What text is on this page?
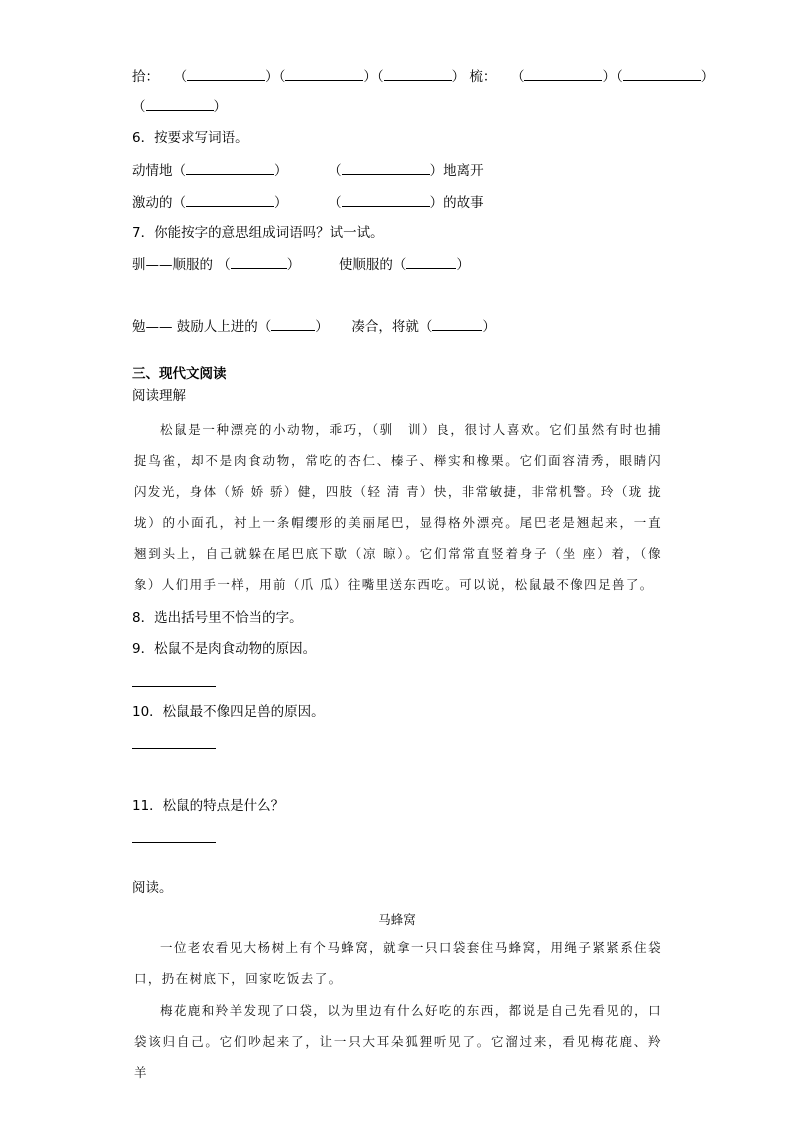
拾： （	）（	）（	） 梳： （	）（	）
（	）
6．按要求写词语。
动情地（	）	（	）地离开
激动的（	）	（	）的故事
7．你能按字的意思组成词语吗？试一试。
驯——顺服的 （	）	使顺服的（	）
勉—— 鼓励人上进的（	） 凑合，将就（	）
三、现代文阅读
阅读理解
松鼠是一种漂亮的小动物，乖巧，（驯　训）良，很讨人喜欢。它们虽然有时也捕捉鸟雀，却不是肉食动物，常吃的杏仁、榛子、榉实和橡栗。它们面容清秀，眼睛闪闪发光，身体（矫 娇 骄）健，四肢（轻 清 青）快，非常敏捷，非常机警。玲（珑 拢 垅）的小面孔，衬上一条帽缨形的美丽尾巴，显得格外漂亮。尾巴老是翘起来，一直翘到头上，自己就躲在尾巴底下歇（凉 晾）。它们常常直竖着身子（坐 座）着，（像 象）人们用手一样，用前（爪 瓜）往嘴里送东西吃。可以说，松鼠最不像四足兽了。
8．选出括号里不恰当的字。
9．松鼠不是肉食动物的原因。
10．松鼠最不像四足兽的原因。
11．松鼠的特点是什么？
阅读。
马蜂窝
一位老农看见大杨树上有个马蜂窝，就拿一只口袋套住马蜂窝，用绳子紧紧系住袋口，扔在树底下，回家吃饭去了。
梅花鹿和羚羊发现了口袋，以为里边有什么好吃的东西，都说是自己先看见的，口袋该归自己。它们吵起来了，让一只大耳朵狐狸听见了。它溜过来，看见梅花鹿、羚羊
